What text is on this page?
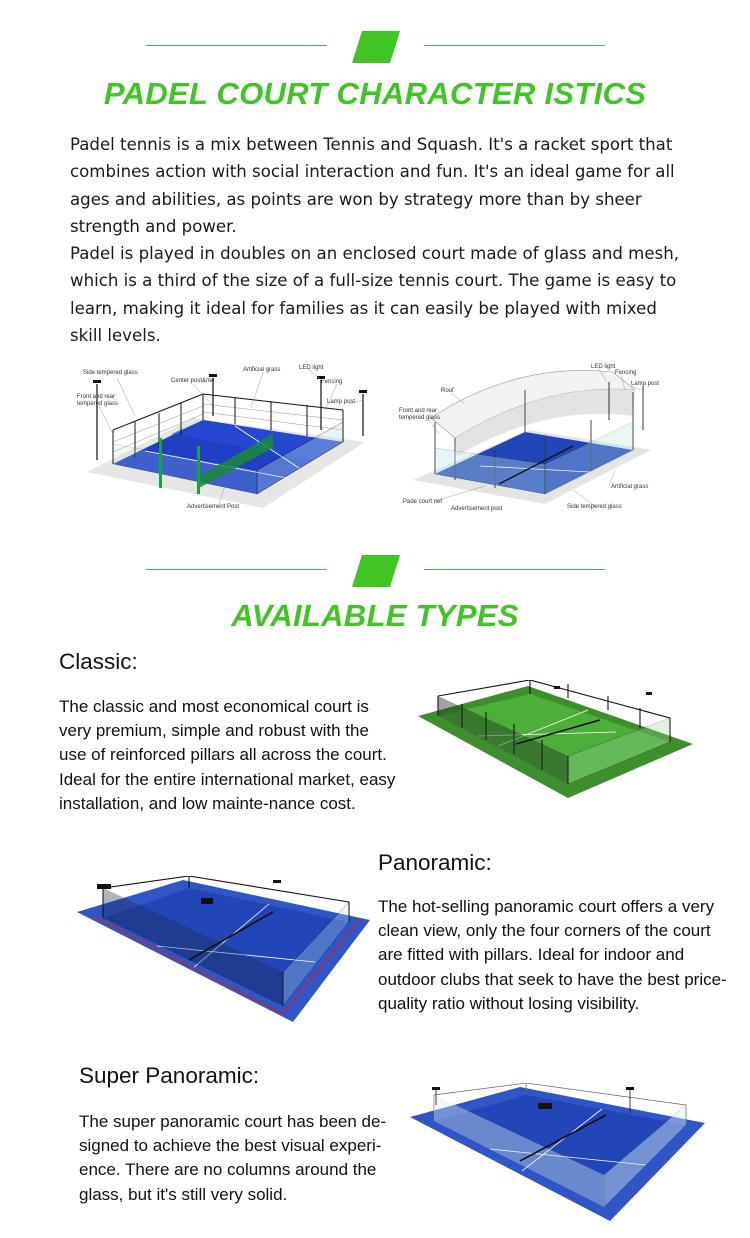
PADEL COURT CHARACTER ISTICS

Padel tennis is a mix between Tennis and Squash. It's a racket sport that combines action with social interaction and fun. It's an ideal game for all ages and abilities, as points are won by strategy more than by sheer strength and power.

Padel is played in doubles on an enclosed court made of glass and mesh, which is a third of the size of a full-size tennis court. The game is easy to learn, making it ideal for families as it can easily be played with mixed skill levels.

Side tempered glass	Artificial grass	LED light
Center post&net	Fencing
Front and rear
tempered glass	Lamp post
Advertisement Post
LED light
Fencing
Lamp post
Roof
Front and rear
tempered glass
Artificial grass
Pade court net
Advertisement post	Side tempered glass
AVAILABLE TYPES
Classic:

The classic and most economical court is very premium, simple and robust with the use of reinforced pillars all across the court. Ideal for the entire international market, easy installation, and low mainte-nance cost.

Panoramic:

The hot-selling panoramic court offers a very clean view, only the four corners of the court are fitted with pillars. Ideal for indoor and outdoor clubs that seek to have the best price-quality ratio without losing visibility.

Super Panoramic:

The super panoramic court has been de-signed to achieve the best visual experi-ence. There are no columns around the glass, but it's still very solid.
